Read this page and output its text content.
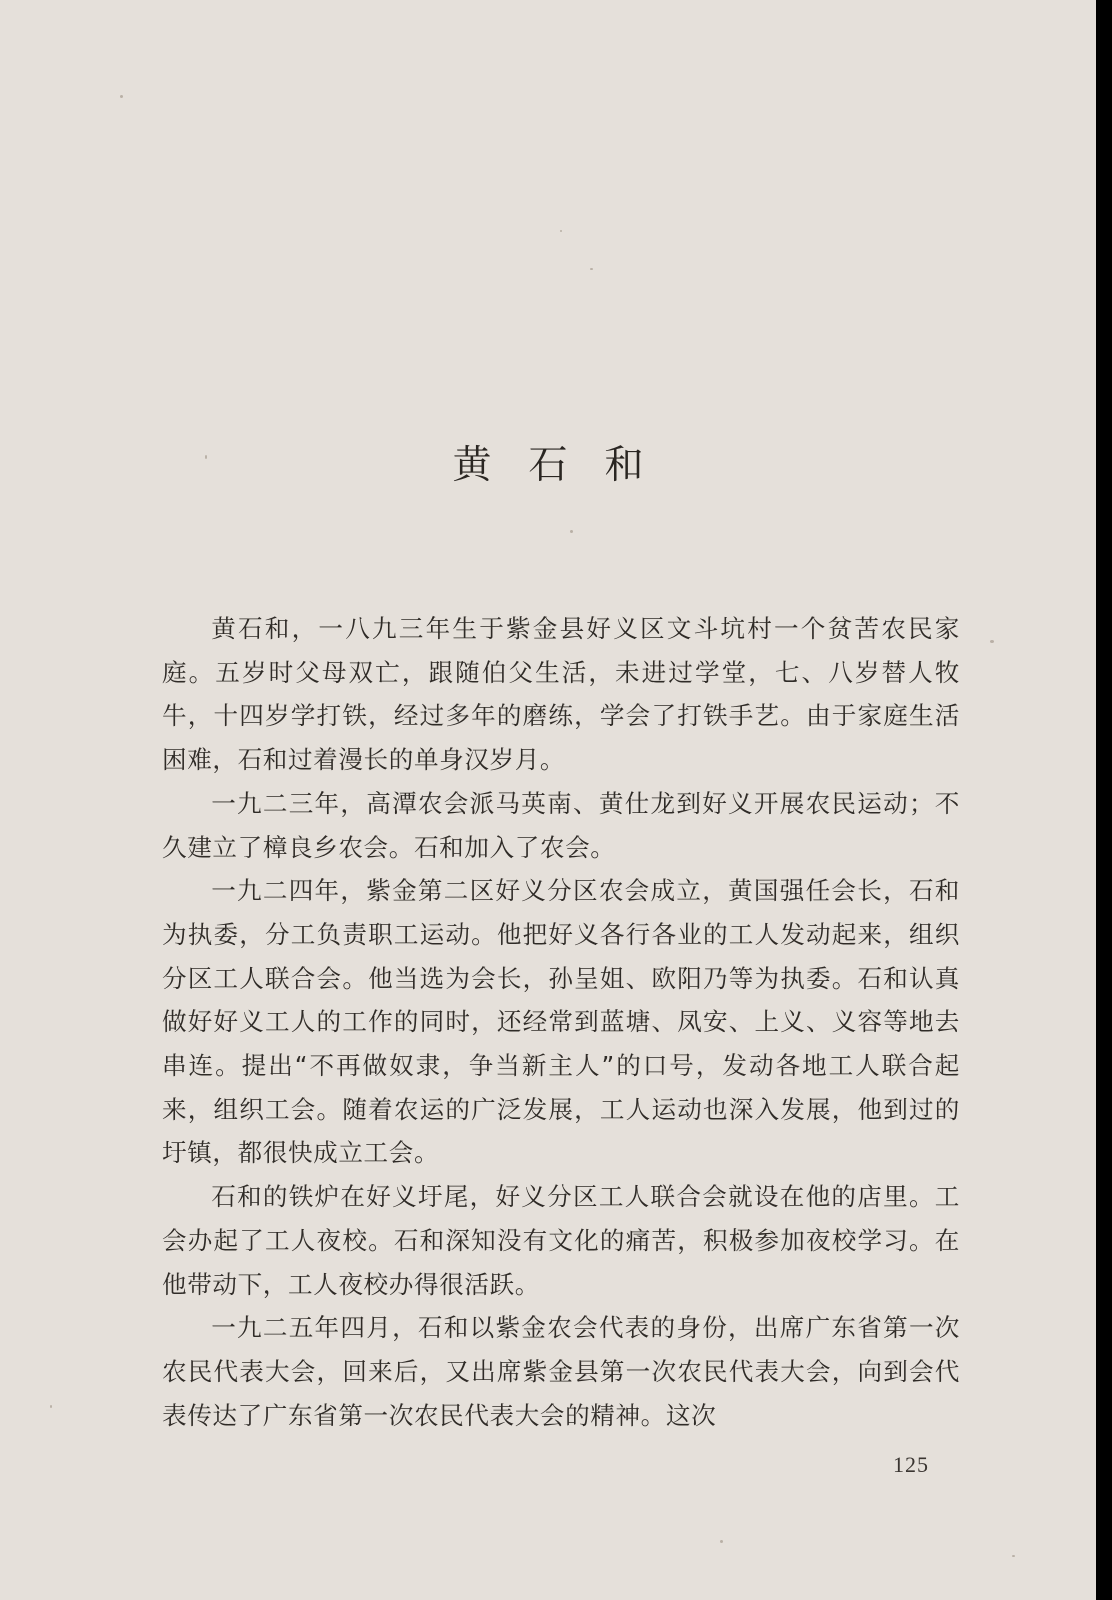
黄石和

黄石和，一八九三年生于紫金县好义区文斗坑村一个贫苦农民家庭。五岁时父母双亡，跟随伯父生活，未进过学堂，七、八岁替人牧牛，十四岁学打铁，经过多年的磨练，学会了打铁手艺。由于家庭生活困难，石和过着漫长的单身汉岁月。

一九二三年，高潭农会派马英南、黄仕龙到好义开展农民运动；不久建立了樟良乡农会。石和加入了农会。

一九二四年，紫金第二区好义分区农会成立，黄国强任会长，石和为执委，分工负责职工运动。他把好义各行各业的工人发动起来，组织分区工人联合会。他当选为会长，孙呈姐、欧阳乃等为执委。石和认真做好好义工人的工作的同时，还经常到蓝塘、凤安、上义、义容等地去串连。提出“不再做奴隶，争当新主人”的口号，发动各地工人联合起来，组织工会。随着农运的广泛发展，工人运动也深入发展，他到过的圩镇，都很快成立工会。

石和的铁炉在好义圩尾，好义分区工人联合会就设在他的店里。工会办起了工人夜校。石和深知没有文化的痛苦，积极参加夜校学习。在他带动下，工人夜校办得很活跃。

一九二五年四月，石和以紫金农会代表的身份，出席广东省第一次农民代表大会，回来后，又出席紫金县第一次农民代表大会，向到会代表传达了广东省第一次农民代表大会的精神。这次

125
